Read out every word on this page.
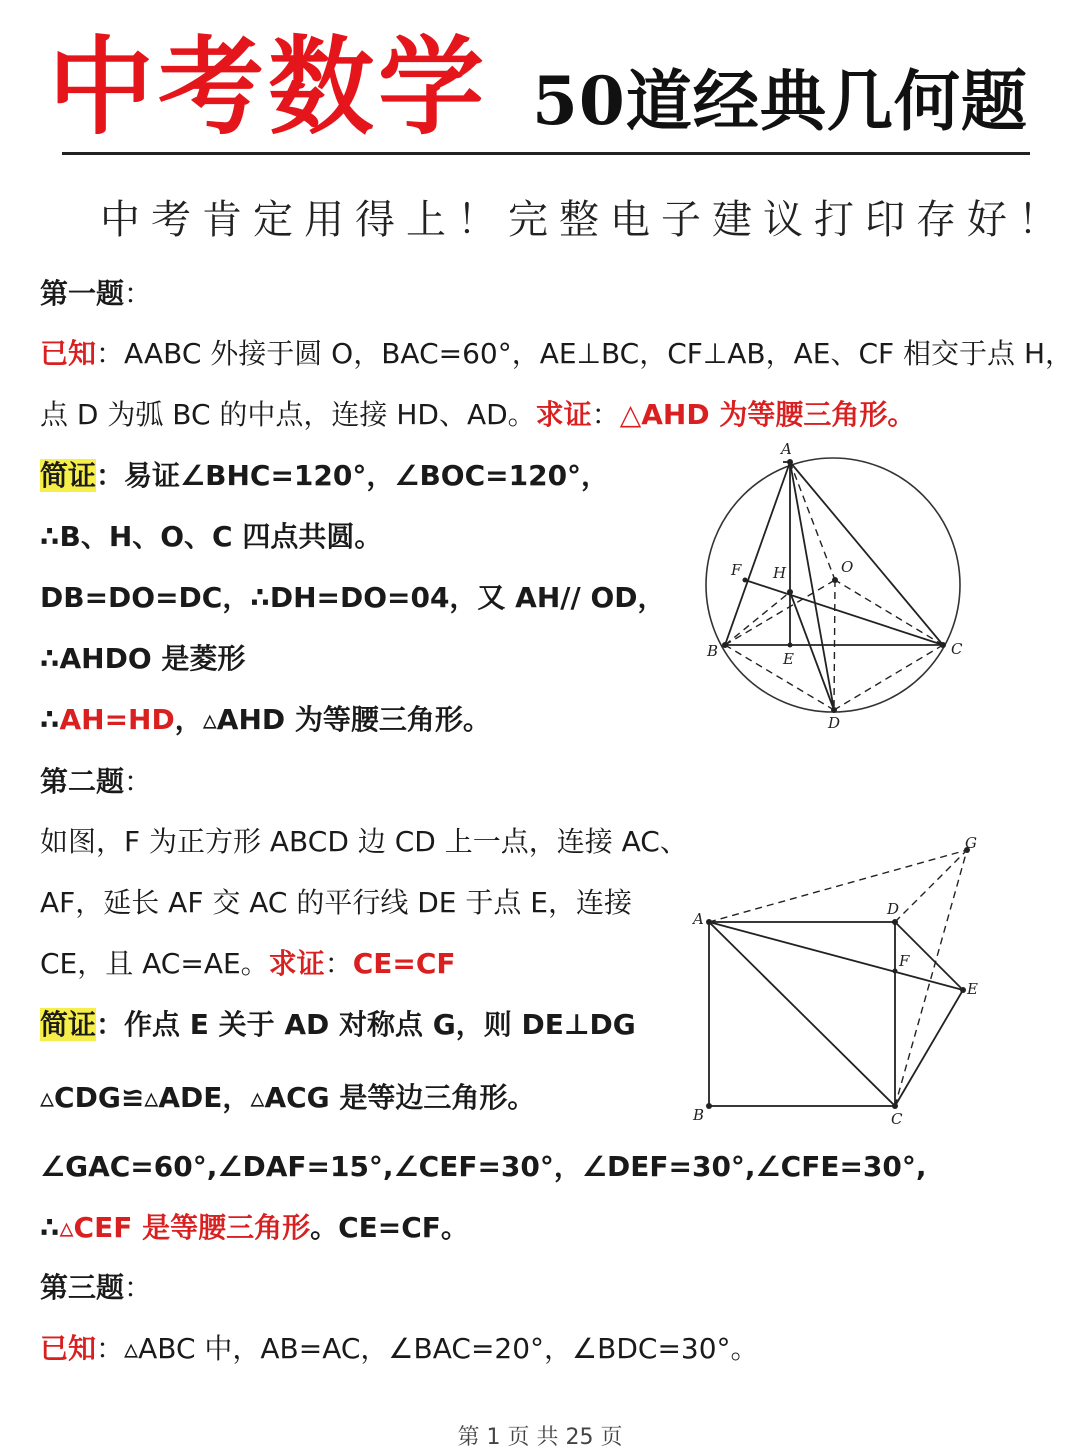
中考数学 50道经典几何题
中考肯定用得上！完整电子建议打印存好！
第一题：
已知：AABC 外接于圆 O，BAC=60°，AE⊥BC，CF⊥AB，AE、CF 相交于点 H，
点 D 为弧 BC 的中点，连接 HD、AD。求证：△AHD 为等腰三角形。
简证：易证∠BHC=120°，∠BOC=120°，
∴B、H、O、C 四点共圆。
DB=DO=DC，∴DH=DO=04，又 AH// OD，
∴AHDO 是菱形
∴AH=HD，▵AHD 为等腰三角形。
A
O
F H
B	E
C
D
第二题：
如图，F 为正方形 ABCD 边 CD 上一点，连接 AC、
AF，延长 AF 交 AC 的平行线 DE 于点 E，连接
CE，且 AC=AE。求证：CE=CF
简证：作点 E 关于 AD 对称点 G，则 DE⊥DG
▵CDG≌▵ADE，▵ACG 是等边三角形。
∠GAC=60°,∠DAF=15°,∠CEF=30°，∠DEF=30°,∠CFE=30°,
∴▵CEF 是等腰三角形。CE=CF。
A
D
G
F
E
B	C
第三题：
已知：▵ABC 中，AB=AC，∠BAC=20°，∠BDC=30°。
第 1 页 共 25 页
